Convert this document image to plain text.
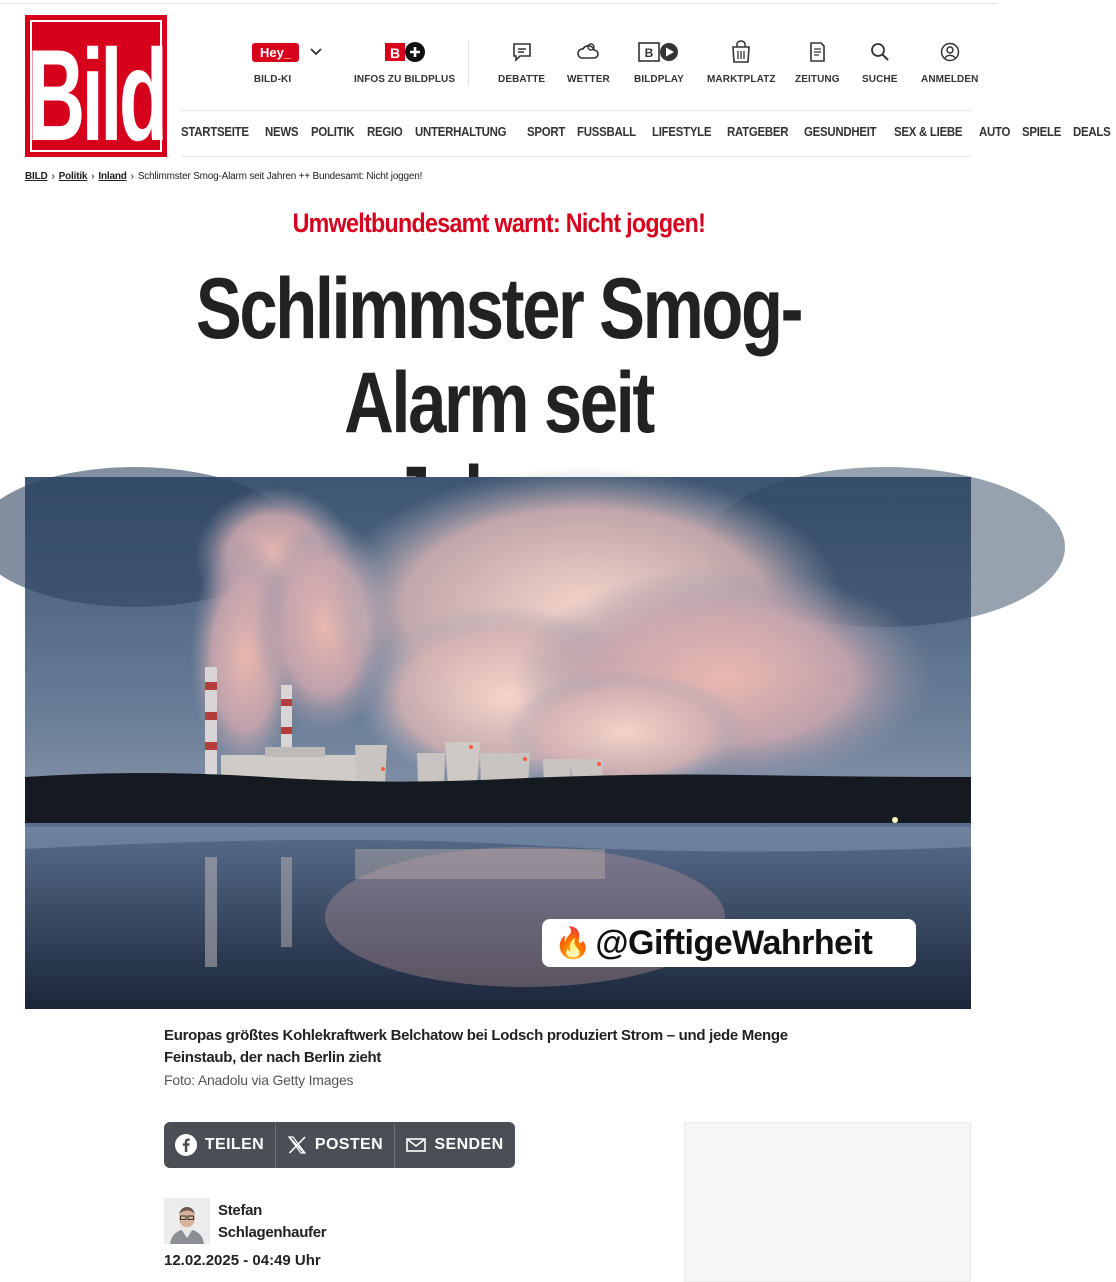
Bild	Hey_
BILD-KI
B
INFOS ZU BILDPLUS	DEBATTE WETTER
B
BILDPLAY MARKTPLATZ ZEITUNG SUCHE ANMELDEN
STARTSEITE NEWS POLITIK REGIO UNTERHALTUNG SPORT FUSSBALL LIFESTYLE RATGEBER GESUNDHEIT SEX & LIEBE AUTO SPIELE DEALS
BILD › Politik › Inland › Schlimmster Smog-Alarm seit Jahren ++ Bundesamt: Nicht joggen!
Umweltbundesamt warnt: Nicht joggen!
Schlimmster Smog-Alarm seit

🔥 @GiftigeWahrheit
Europas größtes Kohlekraftwerk Belchatow bei Lodsch produziert Strom – und jede Menge Feinstaub, der nach Berlin zieht
Foto: Anadolu via Getty Images
TEILEN	POSTEN	SENDEN
Stefan
Schlagenhaufer
12.02.2025 - 04:49 Uhr
